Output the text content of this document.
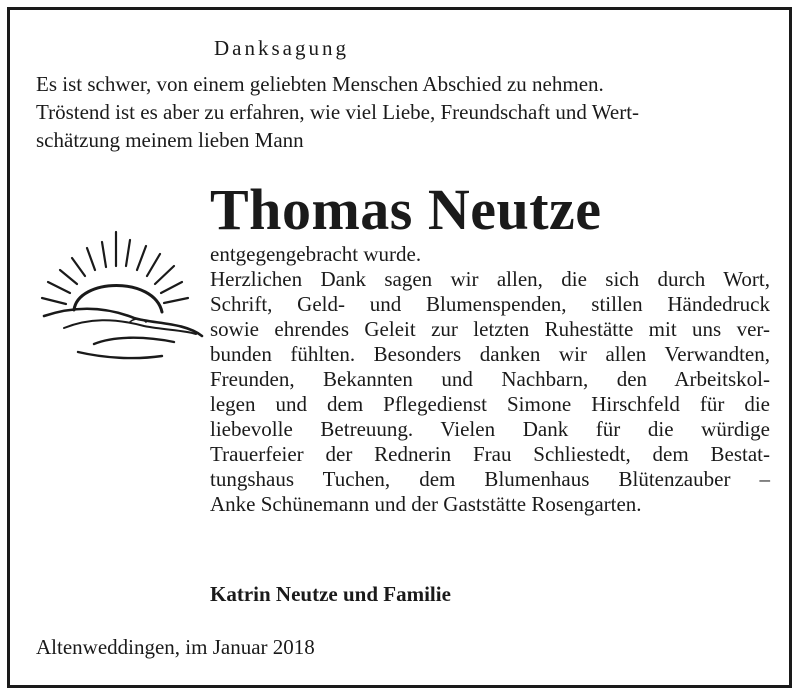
Danksagung
Es ist schwer, von einem geliebten Menschen Abschied zu nehmen.
Tröstend ist es aber zu erfahren, wie viel Liebe, Freundschaft und Wert-
schätzung meinem lieben Mann
Thomas Neutze
entgegengebracht wurde.
Herzlichen Dank sagen wir allen, die sich durch Wort,
Schrift, Geld- und Blumenspenden, stillen Händedruck
sowie ehrendes Geleit zur letzten Ruhestätte mit uns ver-
bunden fühlten. Besonders danken wir allen Verwandten,
Freunden, Bekannten und Nachbarn, den Arbeitskol-
legen und dem Pflegedienst Simone Hirschfeld für die
liebevolle Betreuung. Vielen Dank für die würdige
Trauerfeier der Rednerin Frau Schliestedt, dem Bestat-
tungshaus Tuchen, dem Blumenhaus Blütenzauber –
Anke Schünemann und der Gaststätte Rosengarten.
Katrin Neutze und Familie
Altenweddingen, im Januar 2018
